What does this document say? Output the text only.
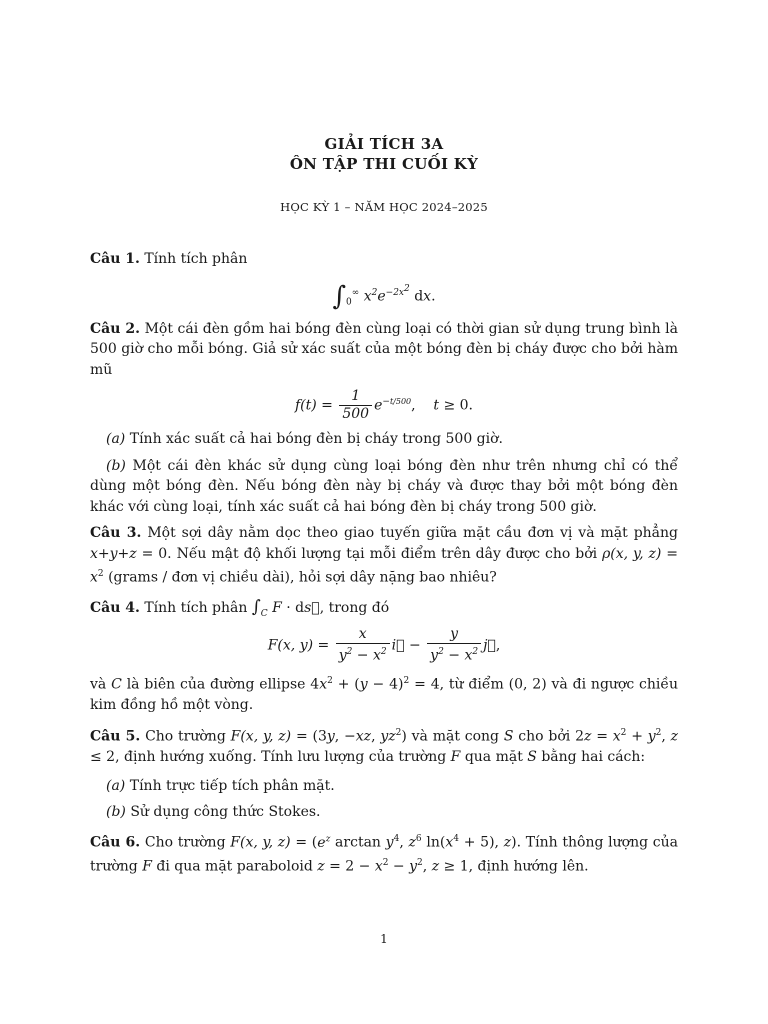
GIẢI TÍCH 3A
ÔN TẬP THI CUỐI KỲ
HỌC KỲ 1 – NĂM HỌC 2024–2025

Câu 1. Tính tích phân

$\int_0^\infty$ $x^2e^{-2x^2}$ dx.

Câu 2. Một cái đèn gồm hai bóng đèn cùng loại có thời gian sử dụng trung bình là 500 giờ cho mỗi bóng. Giả sử xác suất của một bóng đèn bị cháy được cho bởi hàm mũ

$f(t) = \frac{1}{500} e^{-t/500}$,    t ≥ 0.

(a) Tính xác suất cả hai bóng đèn bị cháy trong 500 giờ.

(b) Một cái đèn khác sử dụng cùng loại bóng đèn như trên nhưng chỉ có thể dùng một bóng đèn. Nếu bóng đèn này bị cháy và được thay bởi một bóng đèn khác với cùng loại, tính xác suất cả hai bóng đèn bị cháy trong 500 giờ.

Câu 3. Một sợi dây nằm dọc theo giao tuyến giữa mặt cầu đơn vị và mặt phẳng x+y+z = 0. Nếu mật độ khối lượng tại mỗi điểm trên dây được cho bởi ρ(x, y, $z) = x^2$ (grams / đơn vị chiều dài), hỏi sợi dây nặng bao nhiêu?

Câu 4. Tính tích phân $\int_C$ F · ds⃗, trong đó

F(x, $y) = \frac{x}{y^2 - x^2}$ i⃗ − $\frac{y}{y^2 - x^2}$ j⃗,

và C là biên của đường ellipse $4x^2 + (y - 4)^2 = 4$, từ điểm (0, 2) và đi ngược chiều kim đồng hồ một vòng.

Câu 5. Cho trường F(x, y, z) = (3y, −xz, $yz^2$) và mặt cong S cho bởi $2z = x^2 + y^2$, z ≤ 2, định hướng xuống. Tính lưu lượng của trường F qua mặt S bằng hai cách:

(a) Tính trực tiếp tích phân mặt.

(b) Sử dụng công thức Stokes.

Câu 6. Cho trường F(x, y, $z) = (e^z$ $\arctan y^4$, $z^6$ $\ln(x^4 + 5)$, z). Tính thông lượng của trường F đi qua mặt paraboloid $z = 2 - x^2 - y^2$, z ≥ 1, định hướng lên.

1
